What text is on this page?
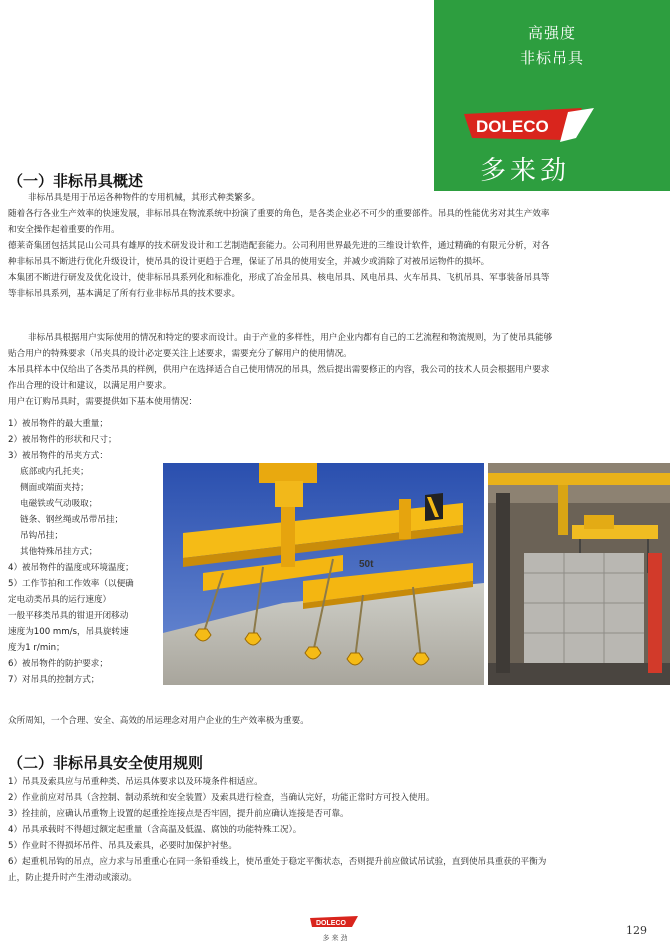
高强度
非标吊具
DOLECO
多来劲
（一）非标吊具概述
非标吊具是用于吊运各种物件的专用机械，其形式种类繁多。
随着各行各业生产效率的快速发展，非标吊具在物流系统中扮演了重要的角色，是各类企业必不可少的重要部件。吊具的性能优劣对其生产效率
和安全操作起着重要的作用。
德莱奇集团包括其昆山公司具有雄厚的技术研发设计和工艺制造配套能力。公司利用世界最先进的三维设计软件，通过精确的有限元分析，对各
种非标吊具不断进行优化升级设计，使吊具的设计更趋于合理，保证了吊具的使用安全，并减少或消除了对被吊运物件的损坏。
本集团不断进行研发及优化设计，使非标吊具系列化和标准化，形成了冶金吊具、核电吊具、风电吊具、火车吊具、飞机吊具、军事装备吊具等
等非标吊具系列，基本满足了所有行业非标吊具的技术要求。
非标吊具根据用户实际使用的情况和特定的要求而设计。由于产业的多样性，用户企业内都有自己的工艺流程和物流规则，为了使吊具能够
贴合用户的特殊要求（吊夹具的设计必定要关注上述要求，需要充分了解用户的使用情况。
本吊具样本中仅给出了各类吊具的样例，供用户在选择适合自己使用情况的吊具，然后提出需要修正的内容，我公司的技术人员会根据用户要求
作出合理的设计和建议，以满足用户要求。
用户在订购吊具时，需要提供如下基本使用情况：
1）被吊物件的最大重量；
2）被吊物件的形状和尺寸；
3）被吊物件的吊夹方式：
底部或内孔托夹；
侧面或端面夹持；
电磁铁或气动吸取；
链条、钢丝绳或吊带吊挂；
吊钩吊挂；
其他特殊吊挂方式；
4）被吊物件的温度或环境温度；
5）工作节拍和工作效率（以便确
定电动类吊具的运行速度）
一般平移类吊具的钳退开闭移动
速度为100 mm/s，吊具旋转速
度为1 r/min；
6）被吊物件的防护要求；
7）对吊具的控制方式；
众所周知，一个合理、安全、高效的吊运理念对用户企业的生产效率极为重要。
50t
（二）非标吊具安全使用规则
1）吊具及索具应与吊重种类、吊运具体要求以及环境条件相适应。
2）作业前应对吊具（含控制、制动系统和安全装置）及索具进行检查，当确认完好，功能正常时方可投入使用。
3）拴挂前，应确认吊重物上设置的起重拴连接点是否牢固，提升前应确认连接是否可靠。
4）吊具承载时不得超过额定起重量（含高温及低温、腐蚀的功能特殊工况）。
5）作业时不得损坏吊件、吊具及索具，必要时加保护衬垫。
6）起重机吊钩的吊点，应力求与吊重重心在同一条铅垂线上，使吊重处于稳定平衡状态，否则提升前应做试吊试验，直到使吊具重获的平衡为
止，防止提升时产生滑动或滚动。
DOLECO
多来劲
129
